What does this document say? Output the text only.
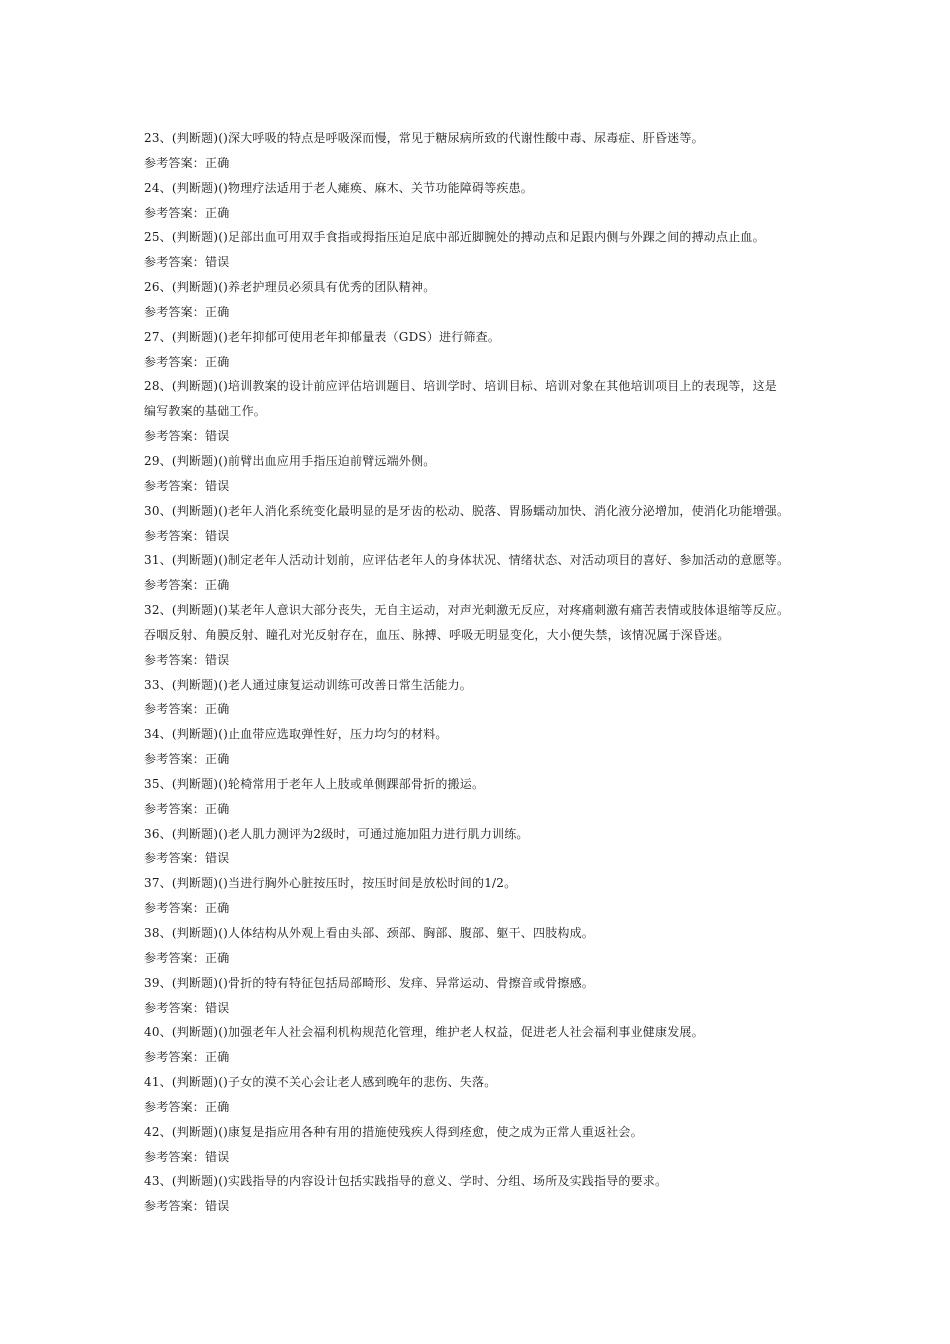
23、(判断题)()深大呼吸的特点是呼吸深而慢，常见于糖尿病所致的代谢性酸中毒、尿毒症、肝昏迷等。
参考答案：正确
24、(判断题)()物理疗法适用于老人瘫痪、麻木、关节功能障碍等疾患。
参考答案：正确
25、(判断题)()足部出血可用双手食指或拇指压迫足底中部近脚腕处的搏动点和足跟内侧与外踝之间的搏动点止血。
参考答案：错误
26、(判断题)()养老护理员必须具有优秀的团队精神。
参考答案：正确
27、(判断题)()老年抑郁可使用老年抑郁量表（GDS）进行筛查。
参考答案：正确
28、(判断题)()培训教案的设计前应评估培训题目、培训学时、培训目标、培训对象在其他培训项目上的表现等，这是
编写教案的基础工作。
参考答案：错误
29、(判断题)()前臂出血应用手指压迫前臂远端外侧。
参考答案：错误
30、(判断题)()老年人消化系统变化最明显的是牙齿的松动、脱落、胃肠蠕动加快、消化液分泌增加，使消化功能增强。
参考答案：错误
31、(判断题)()制定老年人活动计划前，应评估老年人的身体状况、情绪状态、对活动项目的喜好、参加活动的意愿等。
参考答案：正确
32、(判断题)()某老年人意识大部分丧失，无自主运动，对声光刺激无反应，对疼痛刺激有痛苦表情或肢体退缩等反应。
吞咽反射、角膜反射、瞳孔对光反射存在，血压、脉搏、呼吸无明显变化，大小便失禁，该情况属于深昏迷。
参考答案：错误
33、(判断题)()老人通过康复运动训练可改善日常生活能力。
参考答案：正确
34、(判断题)()止血带应选取弹性好，压力均匀的材料。
参考答案：正确
35、(判断题)()轮椅常用于老年人上肢或单侧踝部骨折的搬运。
参考答案：正确
36、(判断题)()老人肌力测评为2级时，可通过施加阻力进行肌力训练。
参考答案：错误
37、(判断题)()当进行胸外心脏按压时，按压时间是放松时间的1/2。
参考答案：正确
38、(判断题)()人体结构从外观上看由头部、颈部、胸部、腹部、躯干、四肢构成。
参考答案：正确
39、(判断题)()骨折的特有特征包括局部畸形、发痒、异常运动、骨擦音或骨擦感。
参考答案：错误
40、(判断题)()加强老年人社会福利机构规范化管理，维护老人权益，促进老人社会福利事业健康发展。
参考答案：正确
41、(判断题)()子女的漠不关心会让老人感到晚年的悲伤、失落。
参考答案：正确
42、(判断题)()康复是指应用各种有用的措施使残疾人得到痊愈，使之成为正常人重返社会。
参考答案：错误
43、(判断题)()实践指导的内容设计包括实践指导的意义、学时、分组、场所及实践指导的要求。
参考答案：错误
